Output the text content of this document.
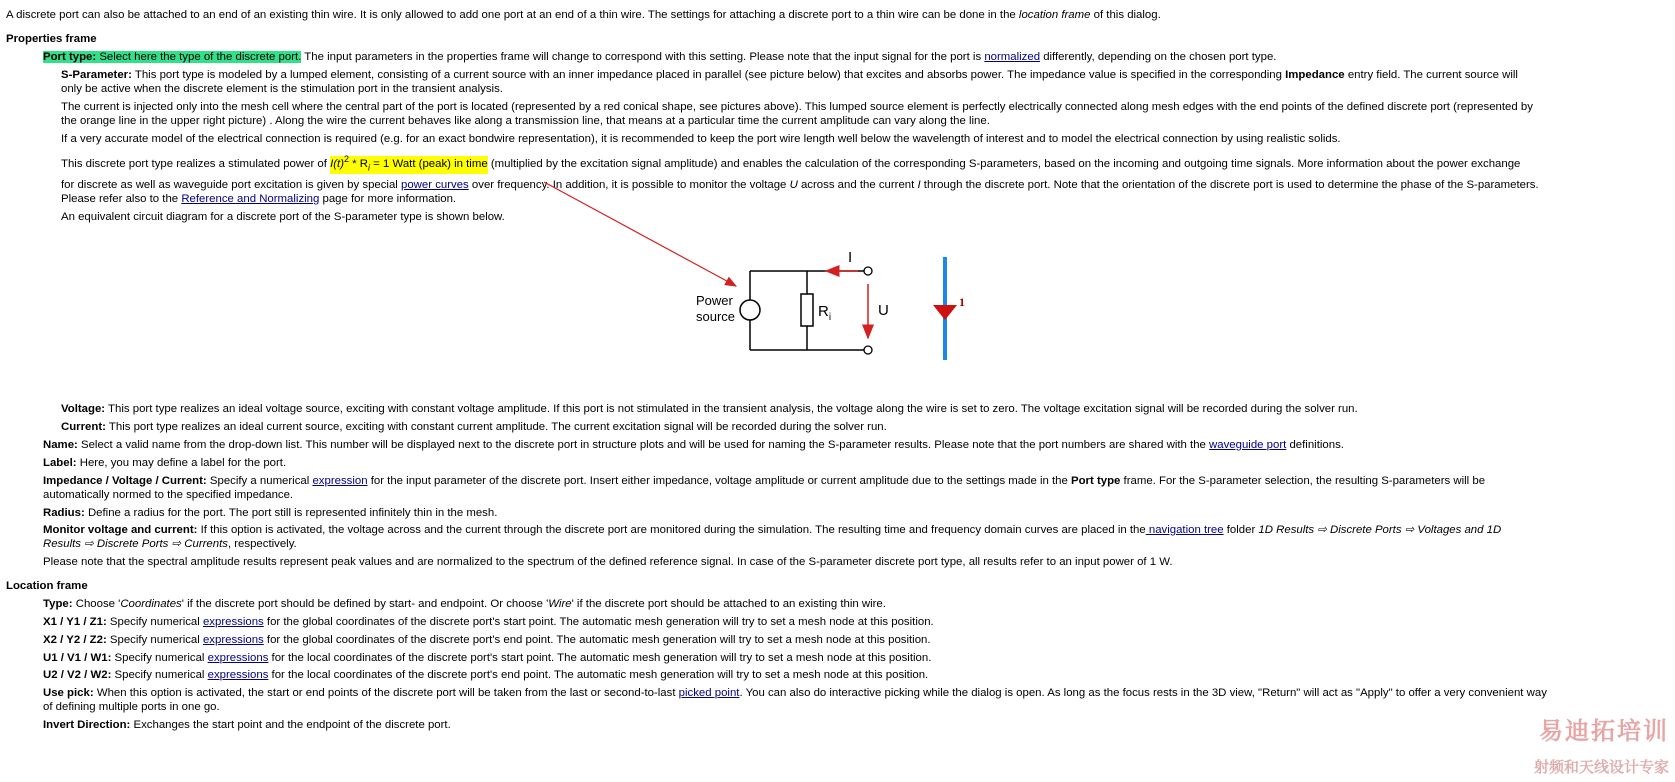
A discrete port can also be attached to an end of an existing thin wire. It is only allowed to add one port at an end of a thin wire. The settings for attaching a discrete port to a thin wire can be done in the location frame of this dialog.

Properties frame

Port type: Select here the type of the discrete port. The input parameters in the properties frame will change to correspond with this setting. Please note that the input signal for the port is normalized differently, depending on the chosen port type.

S-Parameter: This port type is modeled by a lumped element, consisting of a current source with an inner impedance placed in parallel (see picture below) that excites and absorbs power. The impedance value is specified in the corresponding Impedance entry field. The current source will

only be active when the discrete element is the stimulation port in the transient analysis.

The current is injected only into the mesh cell where the central part of the port is located (represented by a red conical shape, see pictures above). This lumped source element is perfectly electrically connected along mesh edges with the end points of the defined discrete port (represented by

the orange line in the upper right picture) . Along the wire the current behaves like along a transmission line, that means at a particular time the current amplitude can vary along the line.

If a very accurate model of the electrical connection is required (e.g. for an exact bondwire representation), it is recommended to keep the port wire length well below the wavelength of interest and to model the electrical connection by using realistic solids.

This discrete port type realizes a stimulated power of $I(t)^2 * R_i = 1$ Watt (peak) in time (multiplied by the excitation signal amplitude) and enables the calculation of the corresponding S-parameters, based on the incoming and outgoing time signals. More information about the power exchange

for discrete as well as waveguide port excitation is given by special power curves over frequency. In addition, it is possible to monitor the voltage U across and the current I through the discrete port. Note that the orientation of the discrete port is used to determine the phase of the S-parameters.

Please refer also to the Reference and Normalizing page for more information.

An equivalent circuit diagram for a discrete port of the S-parameter type is shown below.

Power
source	$R_i$
I
U	1

Voltage: This port type realizes an ideal voltage source, exciting with constant voltage amplitude. If this port is not stimulated in the transient analysis, the voltage along the wire is set to zero. The voltage excitation signal will be recorded during the solver run.

Current: This port type realizes an ideal current source, exciting with constant current amplitude. The current excitation signal will be recorded during the solver run.

Name: Select a valid name from the drop-down list. This number will be displayed next to the discrete port in structure plots and will be used for naming the S-parameter results. Please note that the port numbers are shared with the waveguide port definitions.

Label: Here, you may define a label for the port.

Impedance / Voltage / Current: Specify a numerical expression for the input parameter of the discrete port. Insert either impedance, voltage amplitude or current amplitude due to the settings made in the Port type frame. For the S-parameter selection, the resulting S-parameters will be

automatically normed to the specified impedance.

Radius: Define a radius for the port. The port still is represented infinitely thin in the mesh.

Monitor voltage and current: If this option is activated, the voltage across and the current through the discrete port are monitored during the simulation. The resulting time and frequency domain curves are placed in the navigation tree folder 1D Results ⇨ Discrete Ports ⇨ Voltages and 1D

Results ⇨ Discrete Ports ⇨ Currents, respectively.

Please note that the spectral amplitude results represent peak values and are normalized to the spectrum of the defined reference signal. In case of the S-parameter discrete port type, all results refer to an input power of 1 W.

Location frame

Type: Choose 'Coordinates' if the discrete port should be defined by start- and endpoint. Or choose 'Wire' if the discrete port should be attached to an existing thin wire.

X1 / Y1 / Z1: Specify numerical expressions for the global coordinates of the discrete port's start point. The automatic mesh generation will try to set a mesh node at this position.

X2 / Y2 / Z2: Specify numerical expressions for the global coordinates of the discrete port's end point. The automatic mesh generation will try to set a mesh node at this position.

U1 / V1 / W1: Specify numerical expressions for the local coordinates of the discrete port's start point. The automatic mesh generation will try to set a mesh node at this position.

U2 / V2 / W2: Specify numerical expressions for the local coordinates of the discrete port's end point. The automatic mesh generation will try to set a mesh node at this position.

Use pick: When this option is activated, the start or end points of the discrete port will be taken from the last or second-to-last picked point. You can also do interactive picking while the dialog is open. As long as the focus rests in the 3D view, "Return" will act as "Apply" to offer a very convenient way

of defining multiple ports in one go.

Invert Direction: Exchanges the start point and the endpoint of the discrete port.	易迪拓培训
射频和天线设计专家
